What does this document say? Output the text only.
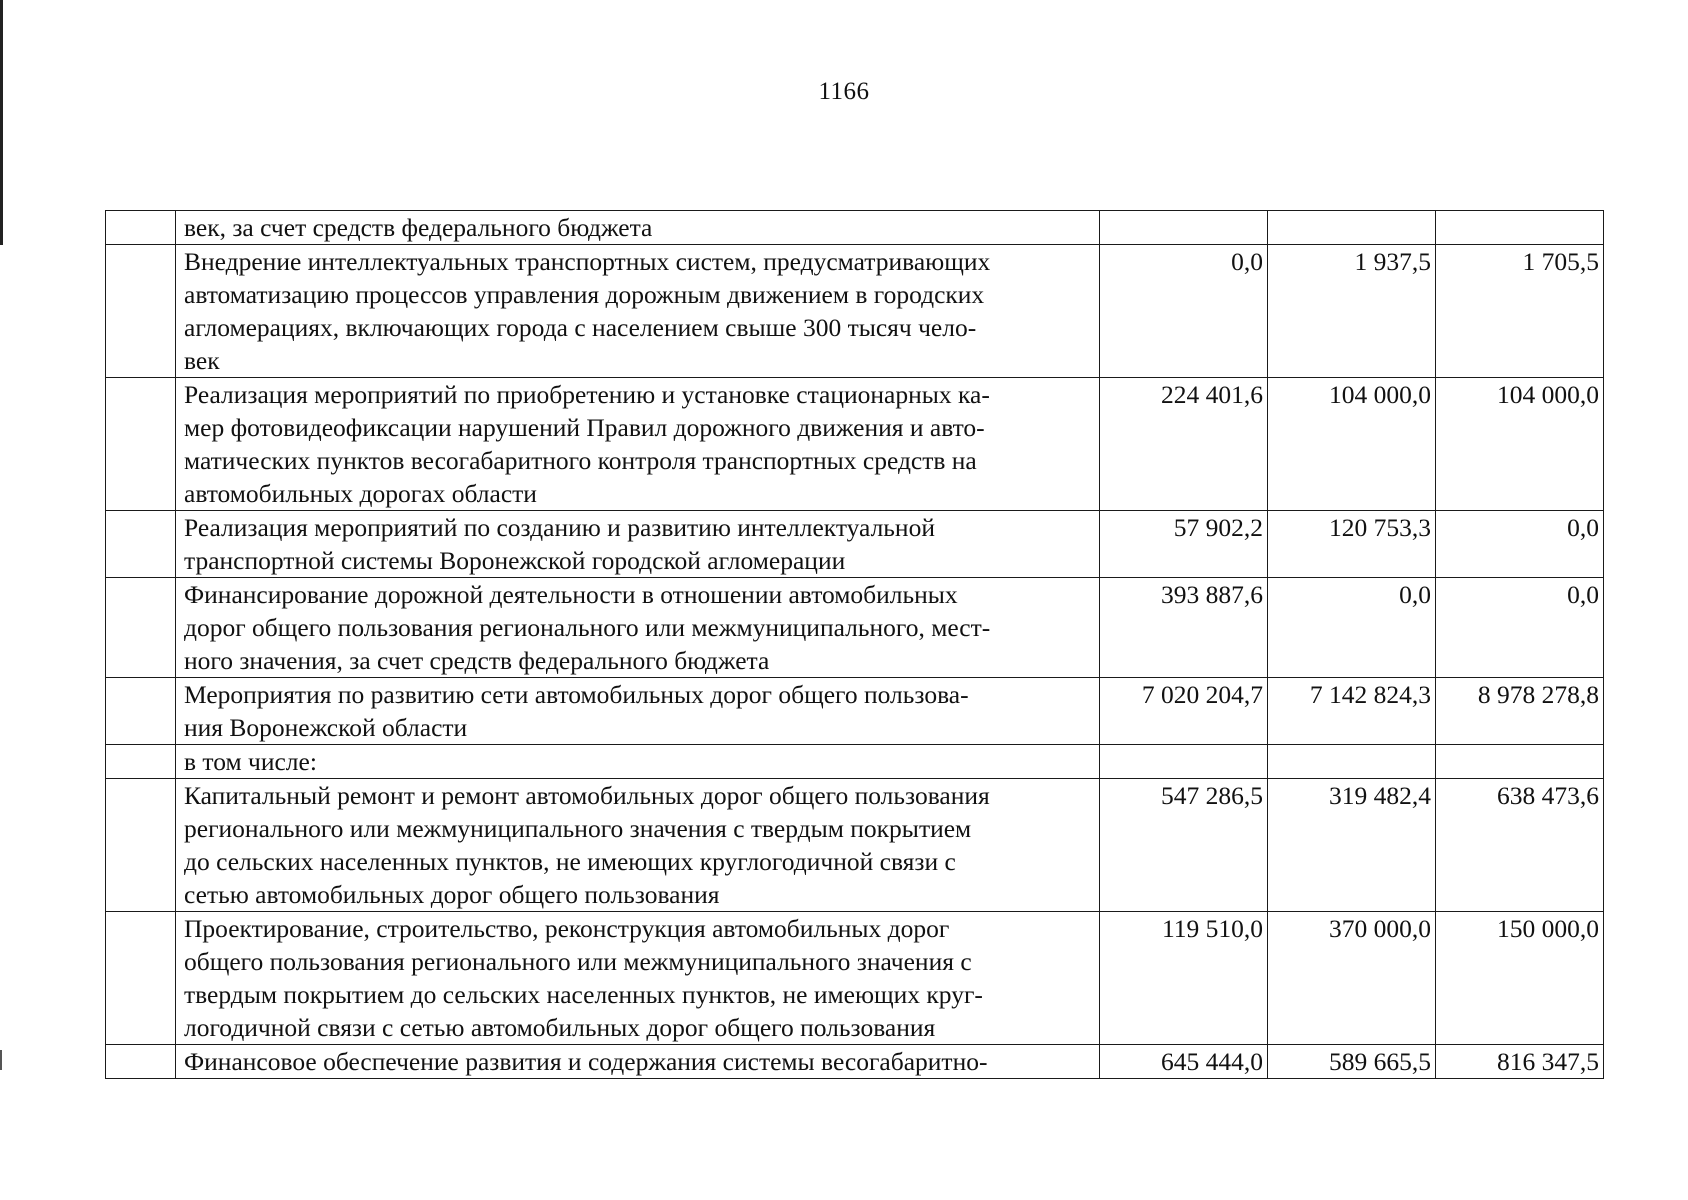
1166

	век, за счет средств федерального бюджета			

	Внедрение интеллектуальных транспортных систем, предусматривающих
автоматизацию процессов управления дорожным движением в городских
агломерациях, включающих города с населением свыше 300 тысяч чело-
век	0,0	1 937,5	1 705,5

	Реализация мероприятий по приобретению и установке стационарных ка-
мер фотовидеофиксации нарушений Правил дорожного движения и авто-
матических пунктов весогабаритного контроля транспортных средств на
автомобильных дорогах области	224 401,6	104 000,0	104 000,0

	Реализация мероприятий по созданию и развитию интеллектуальной
транспортной системы Воронежской городской агломерации	57 902,2	120 753,3	0,0

	Финансирование дорожной деятельности в отношении автомобильных
дорог общего пользования регионального или межмуниципального, мест-
ного значения, за счет средств федерального бюджета	393 887,6	0,0	0,0

	Мероприятия по развитию сети автомобильных дорог общего пользова-
ния Воронежской области	7 020 204,7	7 142 824,3	8 978 278,8

	в том числе:			

	Капитальный ремонт и ремонт автомобильных дорог общего пользования
регионального или межмуниципального значения с твердым покрытием
до сельских населенных пунктов, не имеющих круглогодичной связи с
сетью автомобильных дорог общего пользования	547 286,5	319 482,4	638 473,6

	Проектирование, строительство, реконструкция автомобильных дорог
общего пользования регионального или межмуниципального значения с
твердым покрытием до сельских населенных пунктов, не имеющих круг-
логодичной связи с сетью автомобильных дорог общего пользования	119 510,0	370 000,0	150 000,0

	Финансовое обеспечение развития и содержания системы весогабаритно-	645 444,0	589 665,5	816 347,5
